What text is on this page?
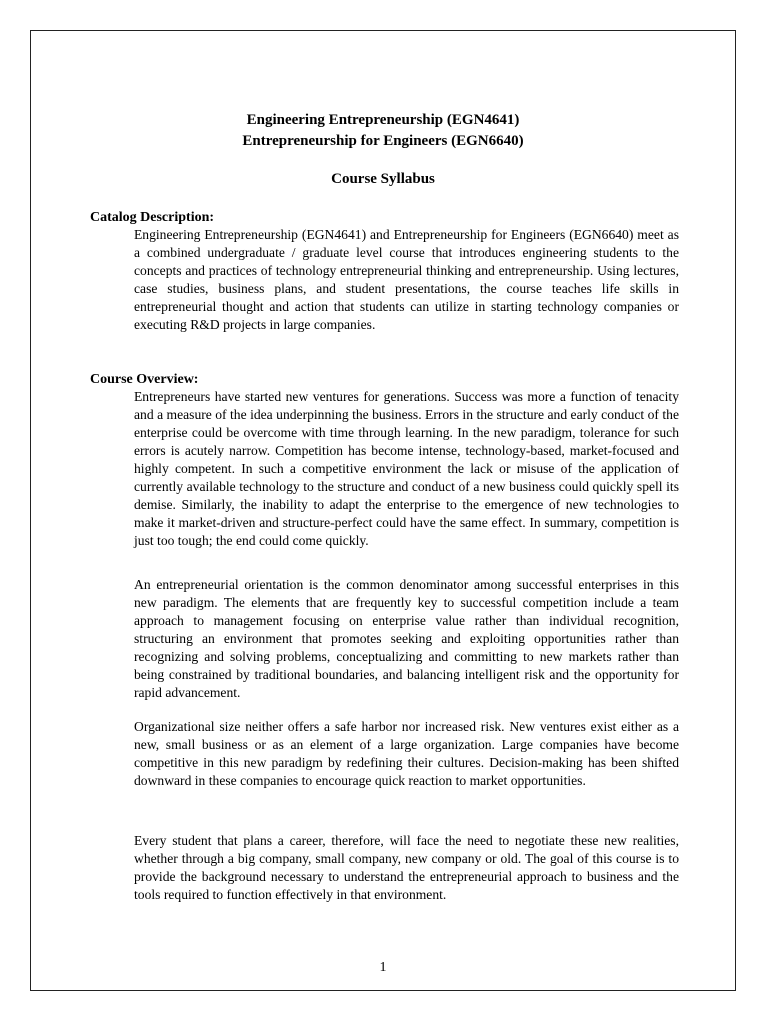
Engineering Entrepreneurship (EGN4641)
Entrepreneurship for Engineers (EGN6640)
Course Syllabus
Catalog Description:
Engineering Entrepreneurship (EGN4641) and Entrepreneurship for Engineers (EGN6640) meet as a combined undergraduate / graduate level course that introduces engineering students to the concepts and practices of technology entrepreneurial thinking and entrepreneurship. Using lectures, case studies, business plans, and student presentations, the course teaches life skills in entrepreneurial thought and action that students can utilize in starting technology companies or executing R&D projects in large companies.
Course Overview:
Entrepreneurs have started new ventures for generations. Success was more a function of tenacity and a measure of the idea underpinning the business. Errors in the structure and early conduct of the enterprise could be overcome with time through learning. In the new paradigm, tolerance for such errors is acutely narrow. Competition has become intense, technology-based, market-focused and highly competent. In such a competitive environment the lack or misuse of the application of currently available technology to the structure and conduct of a new business could quickly spell its demise. Similarly, the inability to adapt the enterprise to the emergence of new technologies to make it market-driven and structure-perfect could have the same effect. In summary, competition is just too tough; the end could come quickly.
An entrepreneurial orientation is the common denominator among successful enterprises in this new paradigm. The elements that are frequently key to successful competition include a team approach to management focusing on enterprise value rather than individual recognition, structuring an environment that promotes seeking and exploiting opportunities rather than recognizing and solving problems, conceptualizing and committing to new markets rather than being constrained by traditional boundaries, and balancing intelligent risk and the opportunity for rapid advancement.
Organizational size neither offers a safe harbor nor increased risk. New ventures exist either as a new, small business or as an element of a large organization. Large companies have become competitive in this new paradigm by redefining their cultures. Decision-making has been shifted downward in these companies to encourage quick reaction to market opportunities.
Every student that plans a career, therefore, will face the need to negotiate these new realities, whether through a big company, small company, new company or old. The goal of this course is to provide the background necessary to understand the entrepreneurial approach to business and the tools required to function effectively in that environment.
1
